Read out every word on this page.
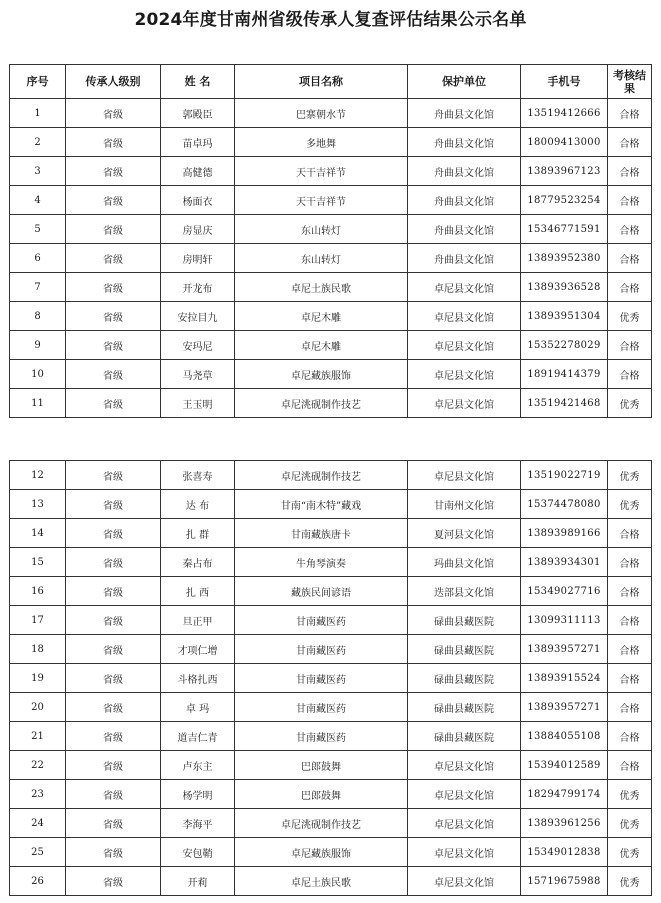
2024年度甘南州省级传承人复查评估结果公示名单
序号	传承人级别	姓 名	项目名称	保护单位	手机号	考核结果
1	省级	郭殿臣	巴寨朝水节	舟曲县文化馆	13519412666	合格
2	省级	苗卓玛	多地舞	舟曲县文化馆	18009413000	合格
3	省级	高健德	天干吉祥节	舟曲县文化馆	13893967123	合格
4	省级	杨面衣	天干吉祥节	舟曲县文化馆	18779523254	合格
5	省级	房显庆	东山转灯	舟曲县文化馆	15346771591	合格
6	省级	房明轩	东山转灯	舟曲县文化馆	13893952380	合格
7	省级	开龙布	卓尼土族民歌	卓尼县文化馆	13893936528	合格
8	省级	安拉目九	卓尼木雕	卓尼县文化馆	13893951304	优秀
9	省级	安玛尼	卓尼木雕	卓尼县文化馆	15352278029	合格
10	省级	马尧草	卓尼藏族服饰	卓尼县文化馆	18919414379	合格
11	省级	王玉明	卓尼洮砚制作技艺	卓尼县文化馆	13519421468	优秀
12	省级	张喜寿	卓尼洮砚制作技艺	卓尼县文化馆	13519022719	优秀
13	省级	达 布	甘南“南木特”藏戏	甘南州文化馆	15374478080	优秀
14	省级	扎 群	甘南藏族唐卡	夏河县文化馆	13893989166	合格
15	省级	秦占布	牛角琴演奏	玛曲县文化馆	13893934301	合格
16	省级	扎 西	藏族民间谚语	迭部县文化馆	15349027716	合格
17	省级	旦正甲	甘南藏医药	碌曲县藏医院	13099311113	合格
18	省级	才项仁增	甘南藏医药	碌曲县藏医院	13893957271	合格
19	省级	斗格扎西	甘南藏医药	碌曲县藏医院	13893915524	合格
20	省级	卓 玛	甘南藏医药	碌曲县藏医院	13893957271	合格
21	省级	道吉仁青	甘南藏医药	碌曲县藏医院	13884055108	合格
22	省级	卢东主	巴郎鼓舞	卓尼县文化馆	15394012589	合格
23	省级	杨学明	巴郎鼓舞	卓尼县文化馆	18294799174	优秀
24	省级	李海平	卓尼洮砚制作技艺	卓尼县文化馆	13893961256	优秀
25	省级	安包鞘	卓尼藏族服饰	卓尼县文化馆	15349012838	优秀
26	省级	开莉	卓尼土族民歌	卓尼县文化馆	15719675988	优秀
